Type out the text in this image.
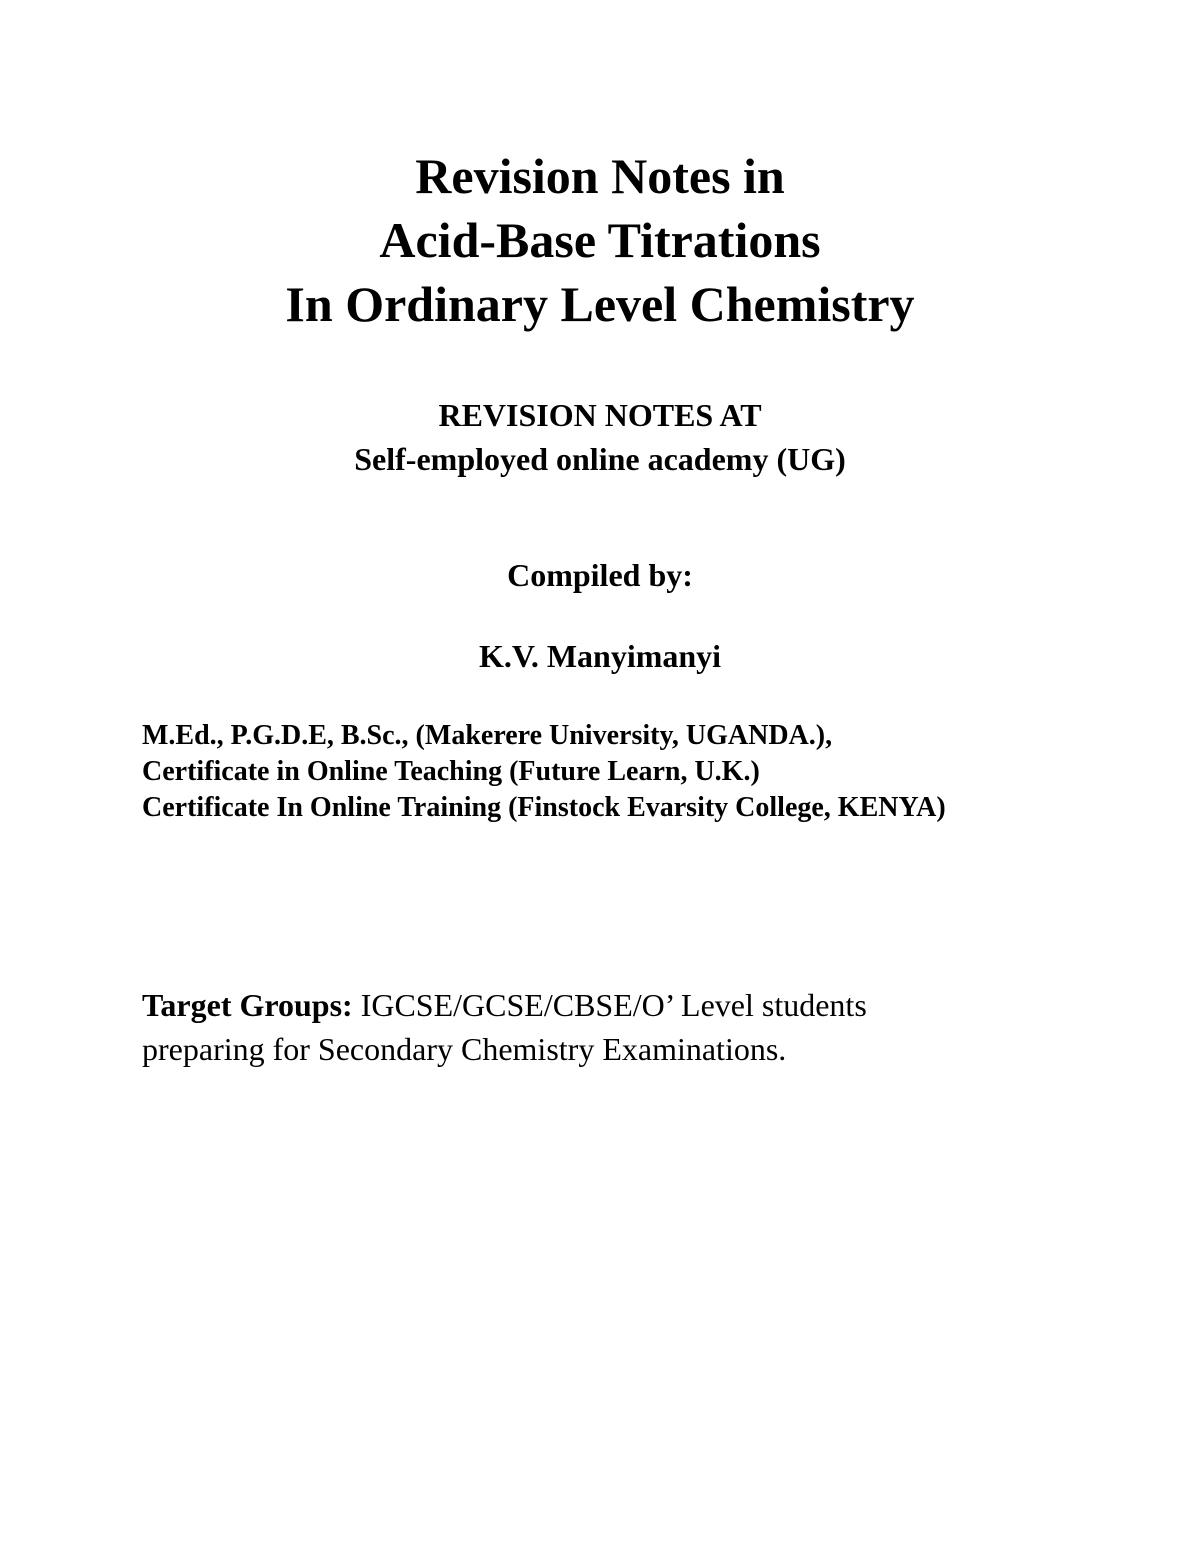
Revision Notes in
Acid-Base Titrations
In Ordinary Level Chemistry
REVISION NOTES AT
Self-employed online academy (UG)
Compiled by:
K.V. Manyimanyi
M.Ed., P.G.D.E, B.Sc., (Makerere University, UGANDA.),
Certificate in Online Teaching (Future Learn, U.K.)
Certificate In Online Training (Finstock Evarsity College, KENYA)
Target Groups: IGCSE/GCSE/CBSE/O’ Level students
preparing for Secondary Chemistry Examinations.
